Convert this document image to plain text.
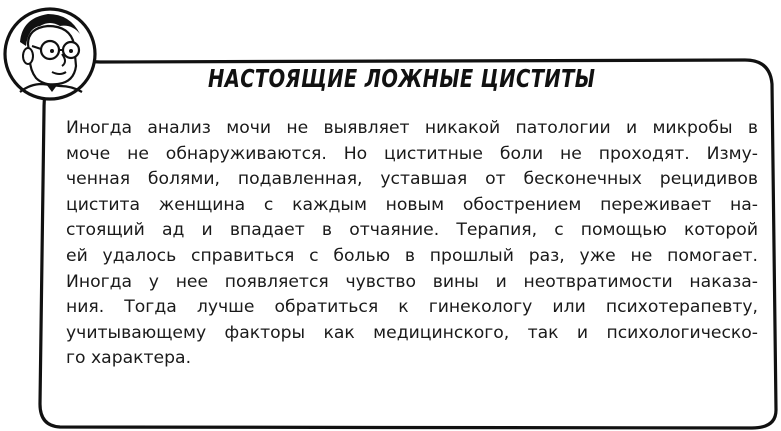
НАСТОЯЩИЕ ЛОЖНЫЕ ЦИСТИТЫ
Иногда анализ мочи не выявляет никакой патологии и микробы в
моче не обнаруживаются. Но циститные боли не проходят. Изму-
ченная болями, подавленная, уставшая от бесконечных рецидивов
цистита женщина с каждым новым обострением переживает на-
стоящий ад и впадает в отчаяние. Терапия, с помощью которой
ей удалось справиться с болью в прошлый раз, уже не помогает.
Иногда у нее появляется чувство вины и неотвратимости наказа-
ния. Тогда лучше обратиться к гинекологу или психотерапевту,
учитывающему факторы как медицинского, так и психологическо-
го характера.
